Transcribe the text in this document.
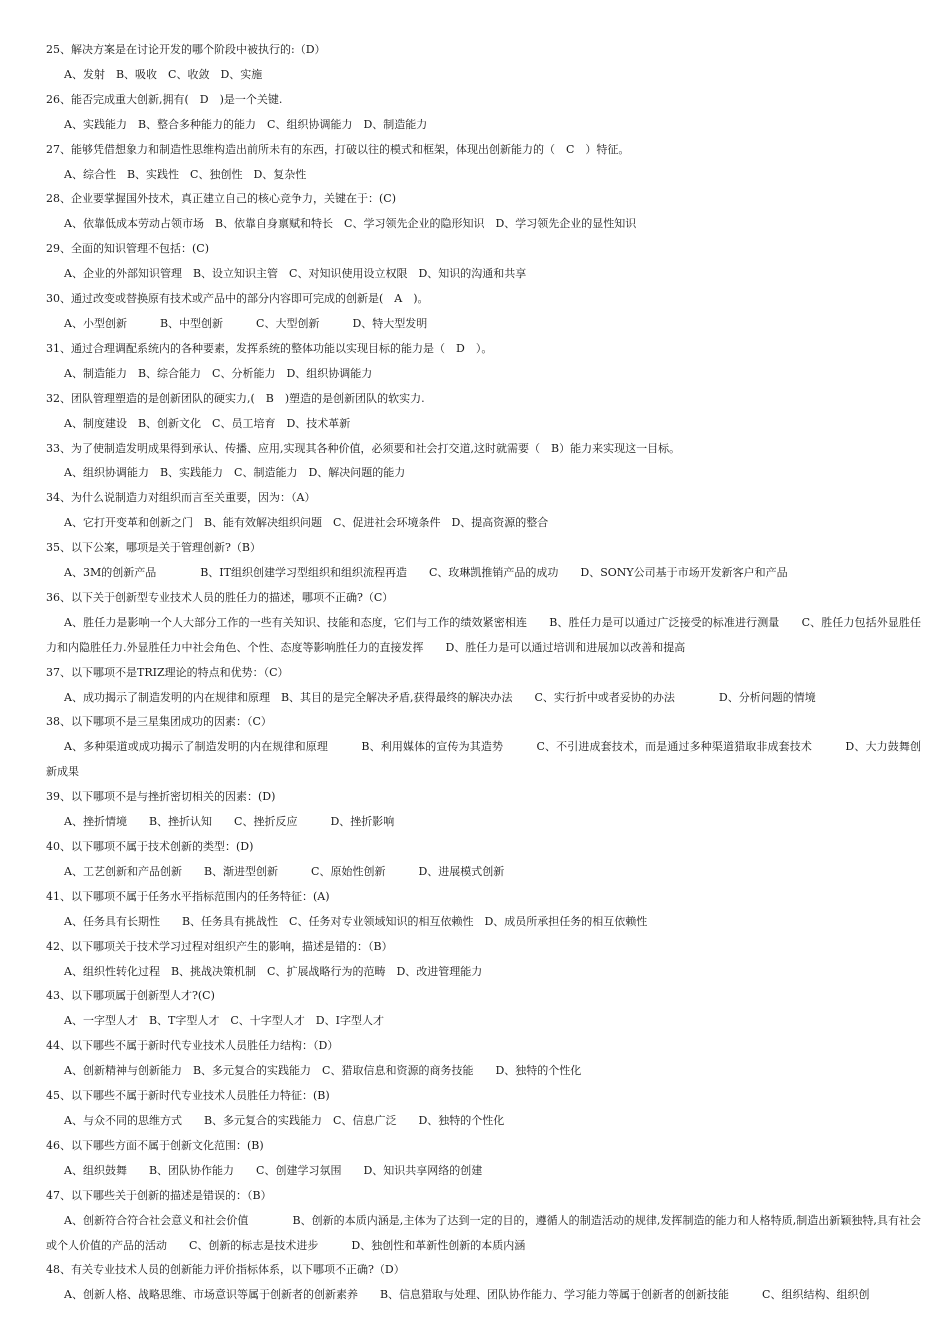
25、解决方案是在讨论开发的哪个阶段中被执行的:（D）
A、发射　B、吸收　C、收敛　D、实施
26、能否完成重大创新,拥有(　D　)是一个关键.
A、实践能力　B、整合多种能力的能力　C、组织协调能力　D、制造能力
27、能够凭借想象力和制造性思维构造出前所未有的东西，打破以往的模式和框架，体现出创新能力的（　C　）特征。
A、综合性　B、实践性　C、独创性　D、复杂性
28、企业要掌握国外技术，真正建立自己的核心竞争力，关键在于：(C)
A、依靠低成本劳动占领市场　B、依靠自身禀赋和特长　C、学习领先企业的隐形知识　D、学习领先企业的显性知识
29、全面的知识管理不包括：(C)
A、企业的外部知识管理　B、设立知识主管　C、对知识使用设立权限　D、知识的沟通和共享
30、通过改变或替换原有技术或产品中的部分内容即可完成的创新是(　A　)。
A、小型创新　　　B、中型创新　　　C、大型创新　　　D、特大型发明
31、通过合理调配系统内的各种要素，发挥系统的整体功能以实现目标的能力是（　D　）。
A、制造能力　B、综合能力　C、分析能力　D、组织协调能力
32、团队管理塑造的是创新团队的硬实力,(　B　)塑造的是创新团队的软实力.
A、制度建设　B、创新文化　C、员工培育　D、技术革新
33、为了使制造发明成果得到承认、传播、应用,实现其各种价值，必须要和社会打交道,这时就需要（　B）能力来实现这一目标。
A、组织协调能力　B、实践能力　C、制造能力　D、解决问题的能力
34、为什么说制造力对组织而言至关重要，因为：（A）
A、它打开变革和创新之门　B、能有效解决组织问题　C、促进社会环境条件　D、提高资源的整合
35、以下公案，哪项是关于管理创新?（B）
A、3M的创新产品　　　　B、IT组织创建学习型组织和组织流程再造　　C、玫琳凯推销产品的成功　　D、SONY公司基于市场开发新客户和产品
36、以下关于创新型专业技术人员的胜任力的描述，哪项不正确?（C）
A、胜任力是影响一个人大部分工作的一些有关知识、技能和态度，它们与工作的绩效紧密相连　　B、胜任力是可以通过广泛接受的标准进行测量　　C、胜任力包括外显胜任力和内隐胜任力.外显胜任力中社会角色、个性、态度等影响胜任力的直接发挥　　D、胜任力是可以通过培训和进展加以改善和提高
37、以下哪项不是TRIZ理论的特点和优势：（C）
A、成功揭示了制造发明的内在规律和原理　B、其目的是完全解决矛盾,获得最终的解决办法　　C、实行折中或者妥协的办法　　　　D、分析问题的情境
38、以下哪项不是三星集团成功的因素：（C）
A、多种渠道或成功揭示了制造发明的内在规律和原理　　　B、利用媒体的宣传为其造势　　　C、不引进成套技术，而是通过多种渠道猎取非成套技术　　　D、大力鼓舞创新成果
39、以下哪项不是与挫折密切相关的因素：(D)
A、挫折情境　　B、挫折认知　　C、挫折反应　　　D、挫折影响
40、以下哪项不属于技术创新的类型：(D)
A、工艺创新和产品创新　　B、渐进型创新　　　C、原始性创新　　　D、进展模式创新
41、以下哪项不属于任务水平指标范围内的任务特征：(A)
A、任务具有长期性　　B、任务具有挑战性　C、任务对专业领域知识的相互依赖性　D、成员所承担任务的相互依赖性
42、以下哪项关于技术学习过程对组织产生的影响，描述是错的：（B）
A、组织性转化过程　B、挑战决策机制　C、扩展战略行为的范畴　D、改进管理能力
43、以下哪项属于创新型人才?(C)
A、一字型人才　B、T字型人才　C、十字型人才　D、I字型人才
44、以下哪些不属于新时代专业技术人员胜任力结构：（D）
A、创新精神与创新能力　B、多元复合的实践能力　C、猎取信息和资源的商务技能　　D、独特的个性化
45、以下哪些不属于新时代专业技术人员胜任力特征：(B)
A、与众不同的思维方式　　B、多元复合的实践能力　C、信息广泛　　D、独特的个性化
46、以下哪些方面不属于创新文化范围：(B)
A、组织鼓舞　　B、团队协作能力　　C、创建学习氛围　　D、知识共享网络的创建
47、以下哪些关于创新的描述是错误的：（B）
A、创新符合符合社会意义和社会价值　　　　B、创新的本质内涵是,主体为了达到一定的目的，遵循人的制造活动的规律,发挥制造的能力和人格特质,制造出新颖独特,具有社会或个人价值的产品的活动　　C、创新的标志是技术进步　　　D、独创性和革新性创新的本质内涵
48、有关专业技术人员的创新能力评价指标体系，以下哪项不正确?（D）
A、创新人格、战略思维、市场意识等属于创新者的创新素养　　B、信息猎取与处理、团队协作能力、学习能力等属于创新者的创新技能　　　C、组织结构、组织创
